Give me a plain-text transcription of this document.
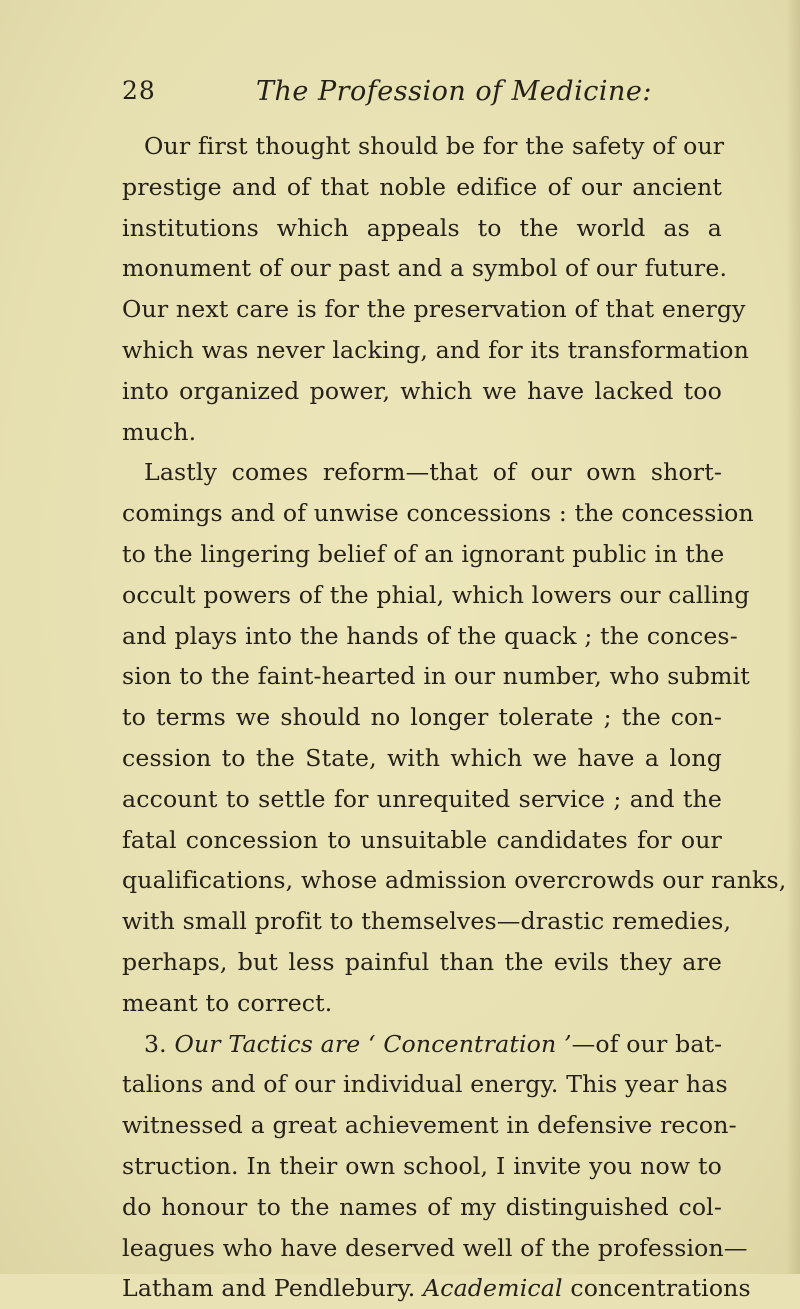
28	The Profession of Medicine:
Our first thought should be for the safety of our
prestige and of that noble edifice of our ancient
institutions which appeals to the world as a
monument of our past and a symbol of our future.
Our next care is for the preservation of that energy
which was never lacking, and for its transformation
into organized power, which we have lacked too
much.
Lastly comes reform—that of our own short-
comings and of unwise concessions : the concession
to the lingering belief of an ignorant public in the
occult powers of the phial, which lowers our calling
and plays into the hands of the quack ; the conces-
sion to the faint-hearted in our number, who submit
to terms we should no longer tolerate ; the con-
cession to the State, with which we have a long
account to settle for unrequited service ; and the
fatal concession to unsuitable candidates for our
qualifications, whose admission overcrowds our ranks,
with small profit to themselves—drastic remedies,
perhaps, but less painful than the evils they are
meant to correct.
3. Our Tactics are ‘ Concentration ’—of our bat-
talions and of our individual energy. This year has
witnessed a great achievement in defensive recon-
struction. In their own school, I invite you now to
do honour to the names of my distinguished col-
leagues who have deserved well of the profession—
Latham and Pendlebury. Academical concentrations
